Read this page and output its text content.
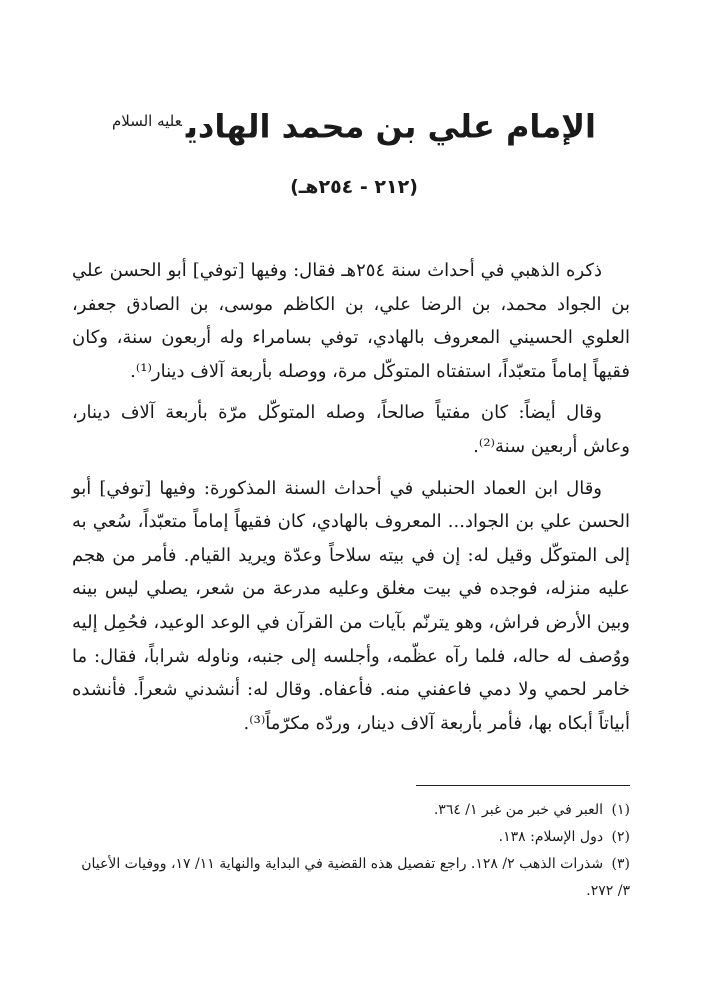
الإمام علي بن محمد الهادي$^{عليه السلام}$
(٢١٢ - ٢٥٤هـ)

ذكره الذهبي في أحداث سنة ٢٥٤هـ فقال: وفيها [توفي] أبو الحسن علي بن الجواد محمد، بن الرضا علي، بن الكاظم موسى، بن الصادق جعفر، العلوي الحسيني المعروف بالهادي، توفي بسامراء وله أربعون سنة، وكان فقيهاً إماماً متعبّداً، استفتاه المتوكّل مرة، ووصله بأربعة آلاف دينار⁽¹⁾.

وقال أيضاً: كان مفتياً صالحاً، وصله المتوكّل مرّة بأربعة آلاف دينار، وعاش أربعين سنة⁽²⁾.

وقال ابن العماد الحنبلي في أحداث السنة المذكورة: وفيها [توفي] أبو الحسن علي بن الجواد... المعروف بالهادي، كان فقيهاً إماماً متعبّداً، سُعي به إلى المتوكّل وقيل له: إن في بيته سلاحاً وعدّة ويريد القيام. فأمر من هجم عليه منزله، فوجده في بيت مغلق وعليه مدرعة من شعر، يصلي ليس بينه وبين الأرض فراش، وهو يترنّم بآيات من القرآن في الوعد الوعيد، فحُمِل إليه ووُصف له حاله، فلما رآه عظّمه، وأجلسه إلى جنبه، وناوله شراباً، فقال: ما خامر لحمي ولا دمي فاعفني منه. فأعفاه. وقال له: أنشدني شعراً. فأنشده أبياتاً أبكاه بها، فأمر بأربعة آلاف دينار، وردّه مكرّماً⁽³⁾.

(١) العبر في خبر من غبر ١/ ٣٦٤.

(٢) دول الإسلام: ١٣٨.

(٣) شذرات الذهب ٢/ ١٢٨. راجع تفصيل هذه القضية في البداية والنهاية ١١/ ١٧، ووفيات الأعيان ٣/ ٢٧٢.
